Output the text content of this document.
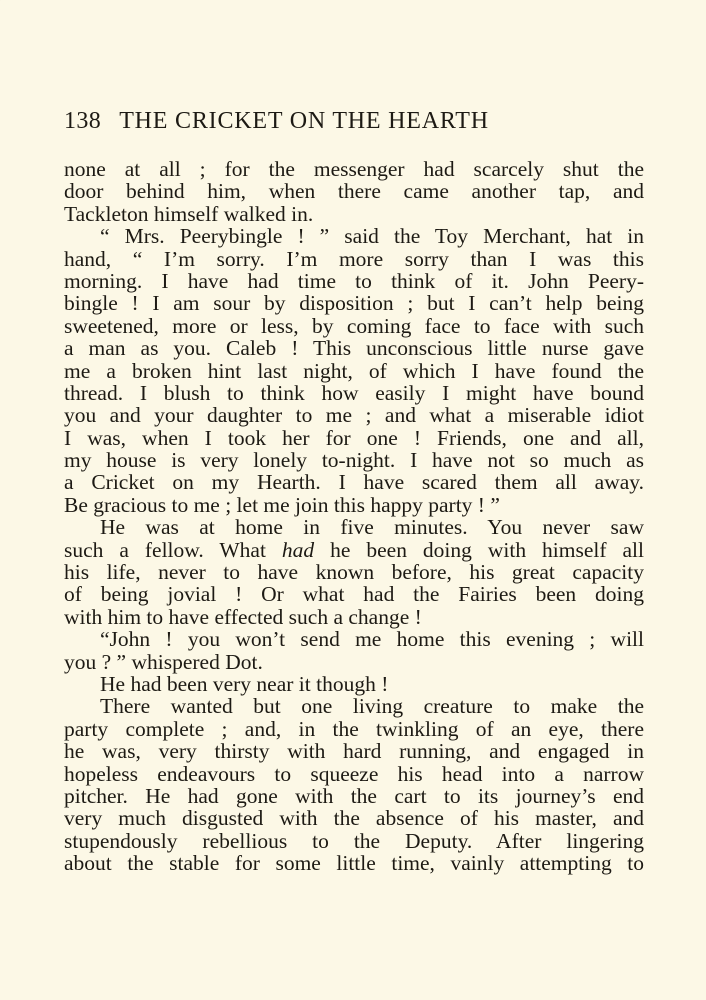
138 THE CRICKET ON THE HEARTH
none at all ; for the messenger had scarcely shut the
door behind him, when there came another tap, and
Tackleton himself walked in.
“ Mrs. Peerybingle ! ” said the Toy Merchant, hat in
hand, “ I’m sorry. I’m more sorry than I was this
morning. I have had time to think of it. John Peery-
bingle ! I am sour by disposition ; but I can’t help being
sweetened, more or less, by coming face to face with such
a man as you. Caleb ! This unconscious little nurse gave
me a broken hint last night, of which I have found the
thread. I blush to think how easily I might have bound
you and your daughter to me ; and what a miserable idiot
I was, when I took her for one ! Friends, one and all,
my house is very lonely to-night. I have not so much as
a Cricket on my Hearth. I have scared them all away.
Be gracious to me ; let me join this happy party ! ”
He was at home in five minutes. You never saw
such a fellow. What had he been doing with himself all
his life, never to have known before, his great capacity
of being jovial ! Or what had the Fairies been doing
with him to have effected such a change !
“John ! you won’t send me home this evening ; will
you ? ” whispered Dot.
He had been very near it though !
There wanted but one living creature to make the
party complete ; and, in the twinkling of an eye, there
he was, very thirsty with hard running, and engaged in
hopeless endeavours to squeeze his head into a narrow
pitcher. He had gone with the cart to its journey’s end
very much disgusted with the absence of his master, and
stupendously rebellious to the Deputy. After lingering
about the stable for some little time, vainly attempting to
